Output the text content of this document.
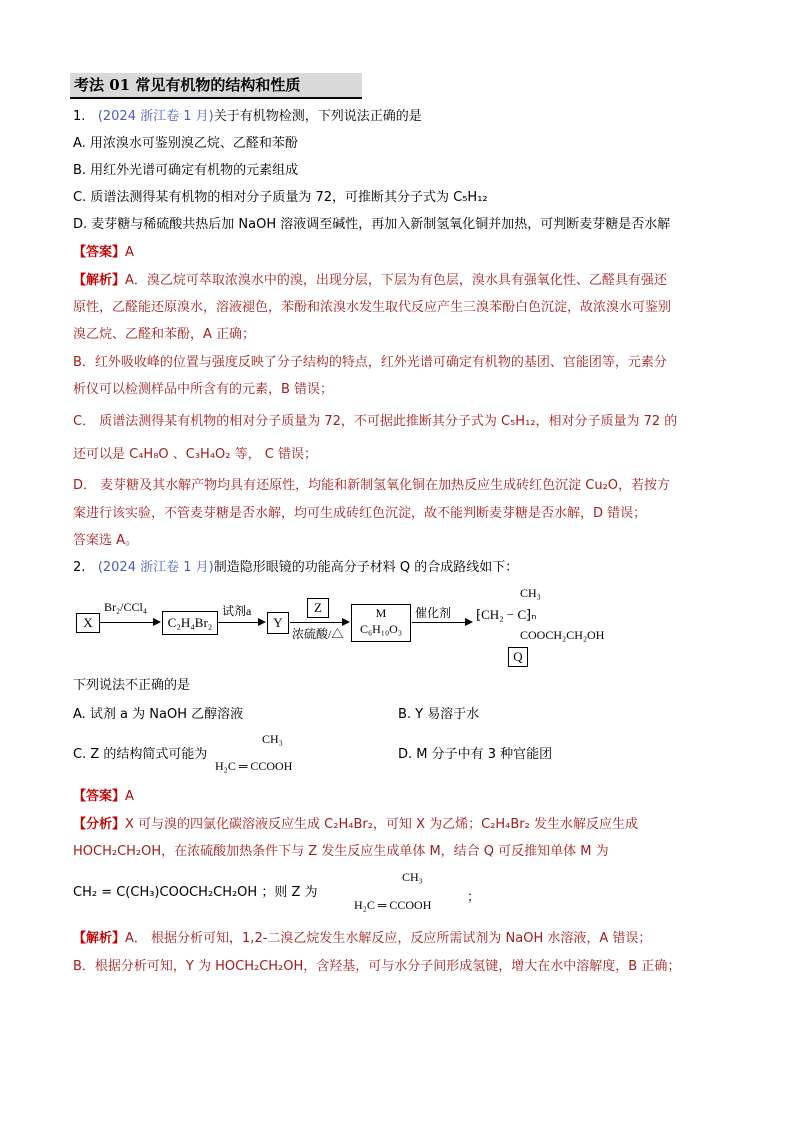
考法 01 常见有机物的结构和性质
1. (2024 浙江卷 1 月)关于有机物检测，下列说法正确的是
A. 用浓溴水可鉴别溴乙烷、乙醛和苯酚
B. 用红外光谱可确定有机物的元素组成
C. 质谱法测得某有机物的相对分子质量为 72，可推断其分子式为 C₅H₁₂
D. 麦芽糖与稀硫酸共热后加 NaOH 溶液调至碱性，再加入新制氢氧化铜并加热，可判断麦芽糖是否水解
【答案】A
【解析】A．溴乙烷可萃取浓溴水中的溴，出现分层，下层为有色层，溴水具有强氧化性、乙醛具有强还
原性，乙醛能还原溴水，溶液褪色，苯酚和浓溴水发生取代反应产生三溴苯酚白色沉淀，故浓溴水可鉴别
溴乙烷、乙醛和苯酚，A 正确；
B．红外吸收峰的位置与强度反映了分子结构的特点，红外光谱可确定有机物的基团、官能团等，元素分
析仪可以检测样品中所含有的元素，B 错误；
C． 质谱法测得某有机物的相对分子质量为 72，不可据此推断其分子式为 C₅H₁₂，相对分子质量为 72 的
还可以是 C₄H₈O 、C₃H₄O₂ 等， C 错误；
D． 麦芽糖及其水解产物均具有还原性，均能和新制氢氧化铜在加热反应生成砖红色沉淀 Cu₂O，若按方
案进行该实验，不管麦芽糖是否水解，均可生成砖红色沉淀，故不能判断麦芽糖是否水解，D 错误；
答案选 A。
2. (2024 浙江卷 1 月)制造隐形眼镜的功能高分子材料 Q 的合成路线如下：
X
Br₂/CCl₄
C₂H₄Br₂
试剂a
Y
Z
浓硫酸/△
M
C₆H₁₀O₃
催化剂
CH₃
⁅CH₂ − C⁆ₙ
COOCH₂CH₂OH
Q
下列说法不正确的是
A. 试剂 a 为 NaOH 乙醇溶液	B. Y 易溶于水
C. Z 的结构简式可能为
CH₃
H₂C ═ CCOOH
D. M 分子中有 3 种官能团
【答案】A
【分析】X 可与溴的四氯化碳溶液反应生成 C₂H₄Br₂，可知 X 为乙烯；C₂H₄Br₂ 发生水解反应生成
HOCH₂CH₂OH，在浓硫酸加热条件下与 Z 发生反应生成单体 M，结合 Q 可反推知单体 M 为
CH₂ = C(CH₃)COOCH₂CH₂OH ；则 Z 为
CH₃
H₂C ═ CCOOH
；
【解析】A． 根据分析可知，1,2-二溴乙烷发生水解反应，反应所需试剂为 NaOH 水溶液，A 错误；
B．根据分析可知，Y 为 HOCH₂CH₂OH，含羟基，可与水分子间形成氢键，增大在水中溶解度，B 正确；
